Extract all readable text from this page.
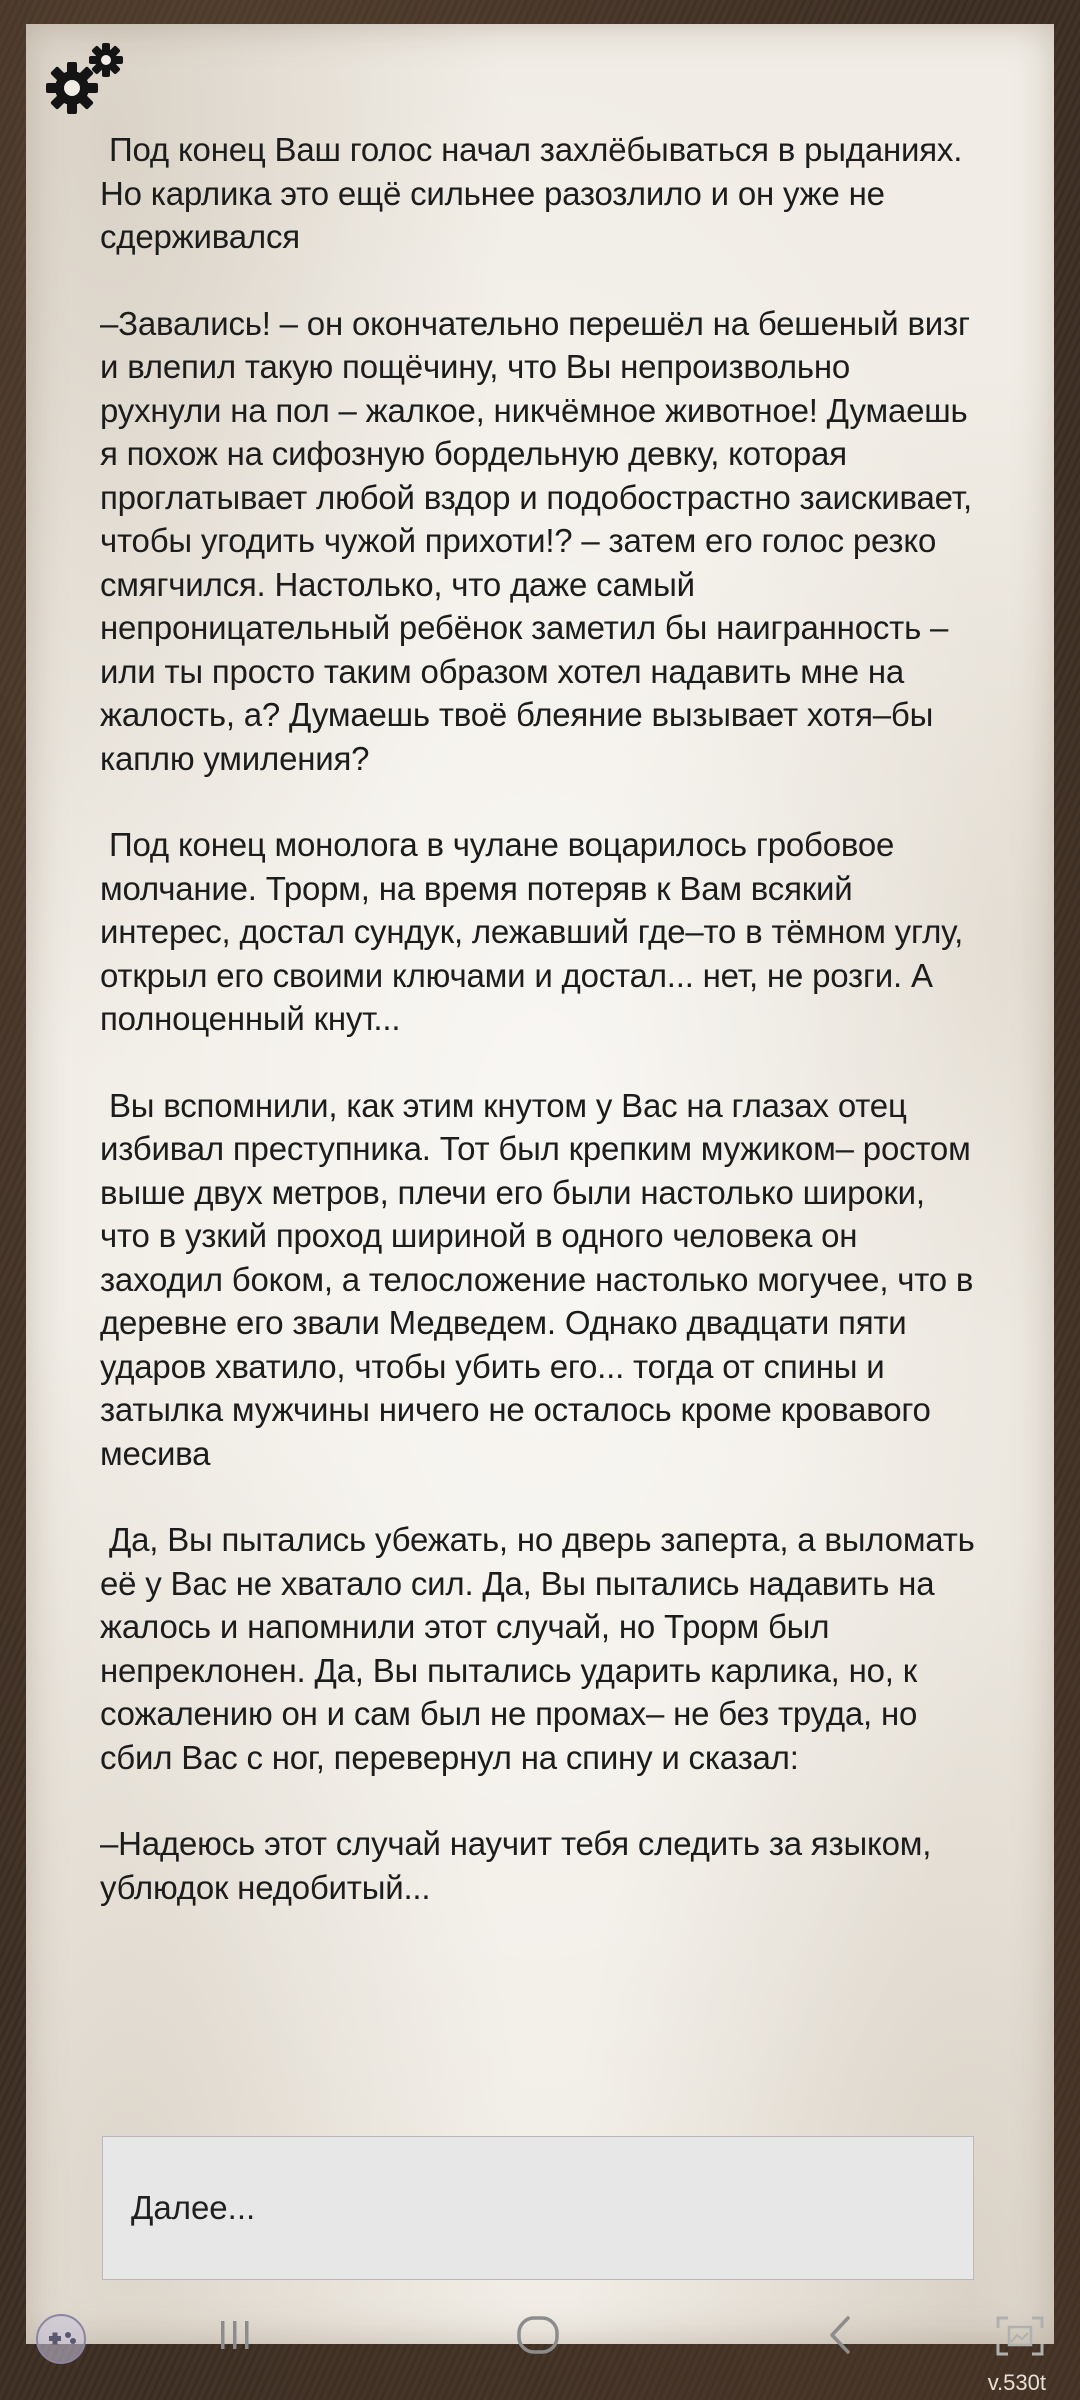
Под конец Ваш голос начал захлёбываться в рыданиях. Но карлика это ещё сильнее разозлило и он уже не сдерживался

–Завались! – он окончательно перешёл на бешеный визг и влепил такую пощёчину, что Вы непроизвольно рухнули на пол – жалкое, никчёмное животное! Думаешь я похож на сифозную бордельную девку, которая проглатывает любой вздор и подобострастно заискивает, чтобы угодить чужой прихоти!? – затем его голос резко смягчился. Настолько, что даже самый непроницательный ребёнок заметил бы наигранность – или ты просто таким образом хотел надавить мне на жалость, а? Думаешь твоё блеяние вызывает хотя–бы каплю умиления?

Под конец монолога в чулане воцарилось гробовое молчание. Трорм, на время потеряв к Вам всякий интерес, достал сундук, лежавший где–то в тёмном углу, открыл его своими ключами и достал... нет, не розги. А полноценный кнут...

Вы вспомнили, как этим кнутом у Вас на глазах отец избивал преступника. Тот был крепким мужиком– ростом выше двух метров, плечи его были настолько широки, что в узкий проход шириной в одного человека он заходил боком, а телосложение настолько могучее, что в деревне его звали Медведем. Однако двадцати пяти ударов хватило, чтобы убить его... тогда от спины и затылка мужчины ничего не осталось кроме кровавого месива

Да, Вы пытались убежать, но дверь заперта, а выломать её у Вас не хватало сил. Да, Вы пытались надавить на жалось и напомнили этот случай, но Трорм был непреклонен. Да, Вы пытались ударить карлика, но, к сожалению он и сам был не промах– не без труда, но сбил Вас с ног, перевернул на спину и сказал:

–Надеюсь этот случай научит тебя следить за языком, ублюдок недобитый...

Далее...
v.530t
